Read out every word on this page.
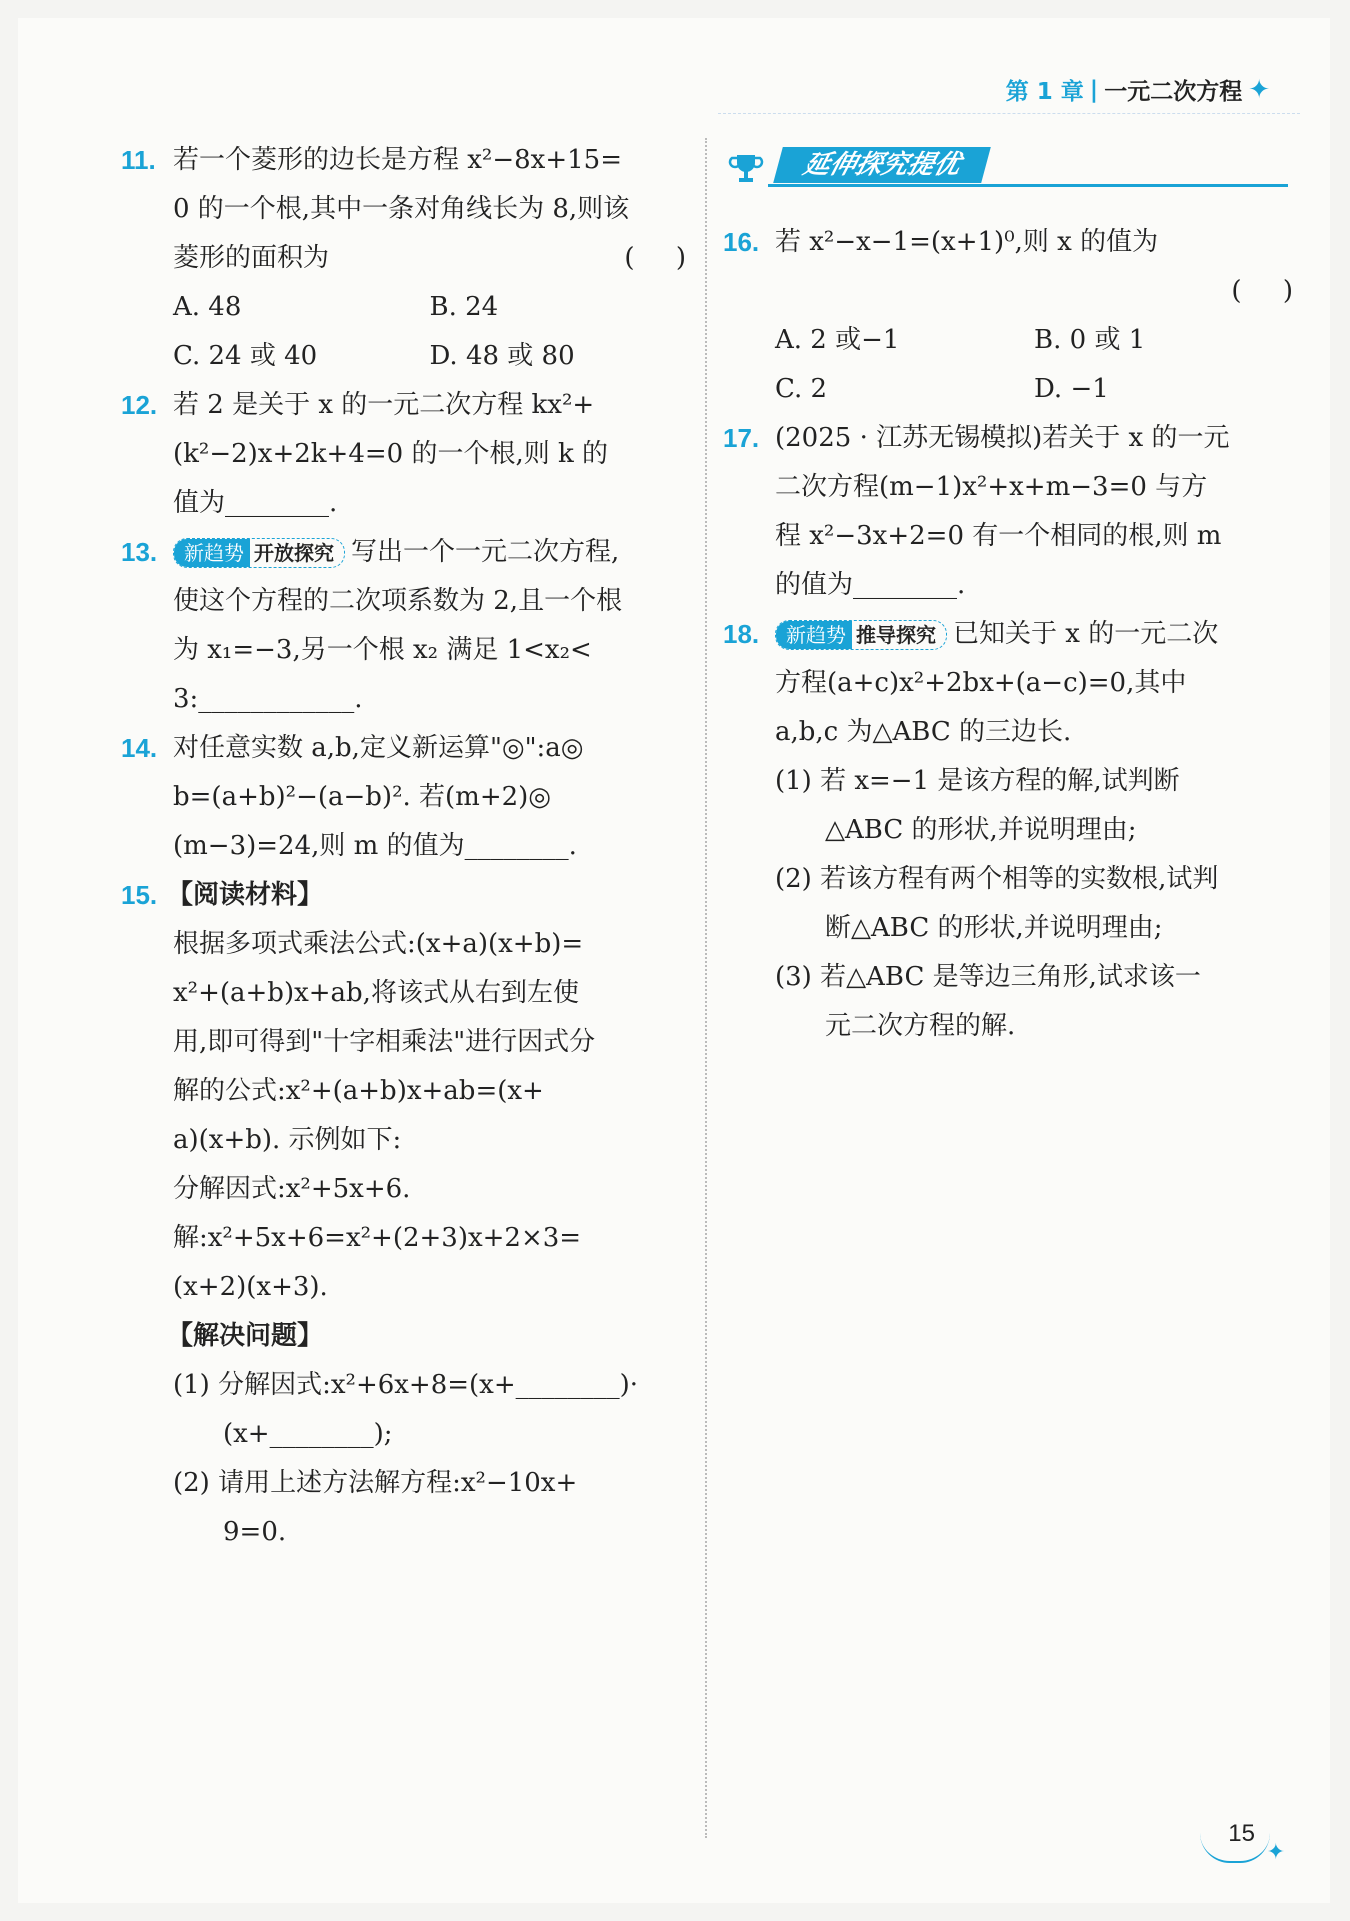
第 1 章 | 一元二次方程 ✦
11. 若一个菱形的边长是方程 x²−8x+15=
0 的一个根,其中一条对角线长为 8,则该
菱形的面积为	(     )
A. 48	B. 24
C. 24 或 40	D. 48 或 80
12. 若 2 是关于 x 的一元二次方程 kx²+
(k²−2)x+2k+4=0 的一个根,则 k 的
值为________.
13.	新趋势 开放探究 写出一个一元二次方程,
使这个方程的二次项系数为 2,且一个根
为 x₁=−3,另一个根 x₂ 满足 1<x₂<
3:____________.
14. 对任意实数 a,b,定义新运算"◎":a◎
b=(a+b)²−(a−b)². 若(m+2)◎
(m−3)=24,则 m 的值为________.
15. 【阅读材料】
根据多项式乘法公式:(x+a)(x+b)=
x²+(a+b)x+ab,将该式从右到左使
用,即可得到"十字相乘法"进行因式分
解的公式:x²+(a+b)x+ab=(x+
a)(x+b). 示例如下:
分解因式:x²+5x+6.
解:x²+5x+6=x²+(2+3)x+2×3=
(x+2)(x+3).
【解决问题】
(1) 分解因式:x²+6x+8=(x+________)·
(x+________);
(2) 请用上述方法解方程:x²−10x+
9=0.
延伸探究提优
16. 若 x²−x−1=(x+1)⁰,则 x 的值为
(     )
A. 2 或−1	B. 0 或 1
C. 2	D. −1
17. (2025 · 江苏无锡模拟)若关于 x 的一元
二次方程(m−1)x²+x+m−3=0 与方
程 x²−3x+2=0 有一个相同的根,则 m
的值为________.
18.	新趋势 推导探究 已知关于 x 的一元二次
方程(a+c)x²+2bx+(a−c)=0,其中
a,b,c 为△ABC 的三边长.
(1) 若 x=−1 是该方程的解,试判断
△ABC 的形状,并说明理由;
(2) 若该方程有两个相等的实数根,试判
断△ABC 的形状,并说明理由;
(3) 若△ABC 是等边三角形,试求该一
元二次方程的解.
15
✦
